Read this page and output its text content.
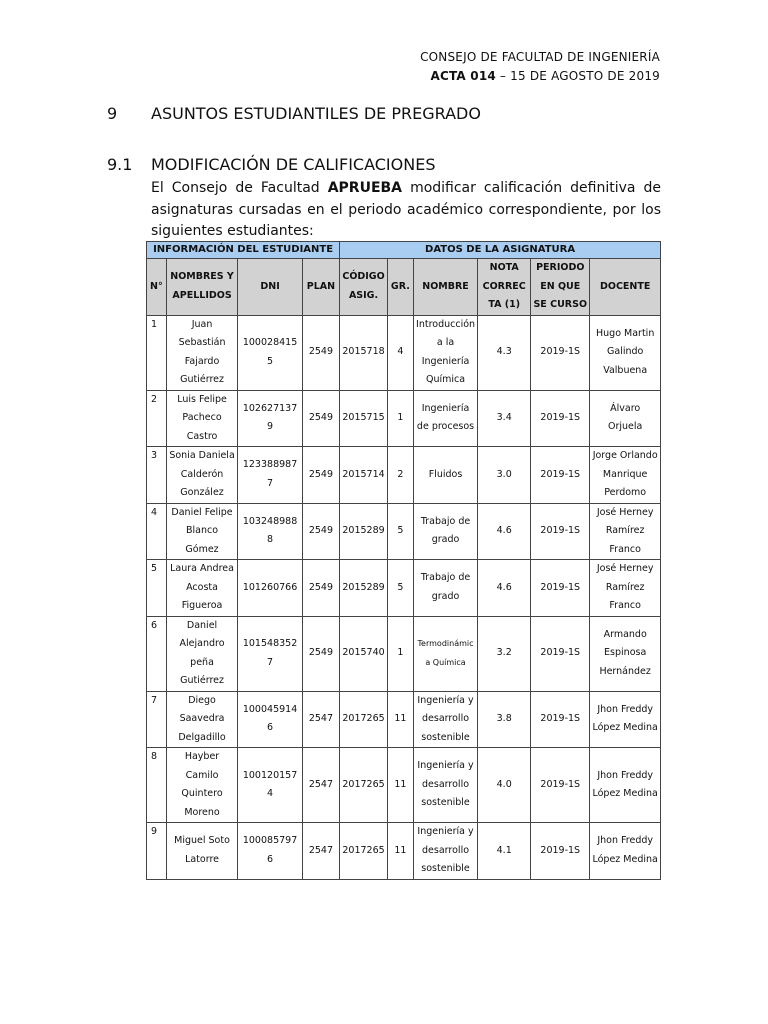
CONSEJO DE FACULTAD DE INGENIERÍA
ACTA 014 – 15 DE AGOSTO DE 2019
9 ASUNTOS ESTUDIANTILES DE PREGRADO
9.1 MODIFICACIÓN DE CALIFICACIONES
El Consejo de Facultad APRUEBA modificar calificación definitiva de asignaturas cursadas en el periodo académico correspondiente, por los siguientes estudiantes:
INFORMACIÓN DEL ESTUDIANTE				DATOS DE LA ASIGNATURA					
N°	NOMBRES Y APELLIDOS	DNI	PLAN	CÓDIGO ASIG.	GR.	NOMBRE	NOTA CORRECTA (1)	PERIODO EN QUE SE CURSO	DOCENTE
1	Juan Sebastián Fajardo Gutiérrez	1000284155	2549	2015718	4	Introducción a la Ingeniería Química	4.3	2019-1S	Hugo Martin Galindo Valbuena
2	Luis Felipe Pacheco Castro	1026271379	2549	2015715	1	Ingeniería de procesos	3.4	2019-1S	Álvaro Orjuela
3	Sonia Daniela Calderón González	1233889877	2549	2015714	2	Fluidos	3.0	2019-1S	Jorge Orlando Manrique Perdomo
4	Daniel Felipe Blanco Gómez	1032489888	2549	2015289	5	Trabajo de grado	4.6	2019-1S	José Herney Ramírez Franco
5	Laura Andrea Acosta Figueroa	101260766	2549	2015289	5	Trabajo de grado	4.6	2019-1S	José Herney Ramírez Franco
6	Daniel Alejandro peña Gutiérrez	1015483527	2549	2015740	1	Termodinámica Química	3.2	2019-1S	Armando Espinosa Hernández
7	Diego Saavedra Delgadillo	1000459146	2547	2017265	11	Ingeniería y desarrollo sostenible	3.8	2019-1S	Jhon Freddy López Medina
8	Hayber Camilo Quintero Moreno	1001201574	2547	2017265	11	Ingeniería y desarrollo sostenible	4.0	2019-1S	Jhon Freddy López Medina
9	Miguel Soto Latorre	1000857976	2547	2017265	11	Ingeniería y desarrollo sostenible	4.1	2019-1S	Jhon Freddy López Medina
